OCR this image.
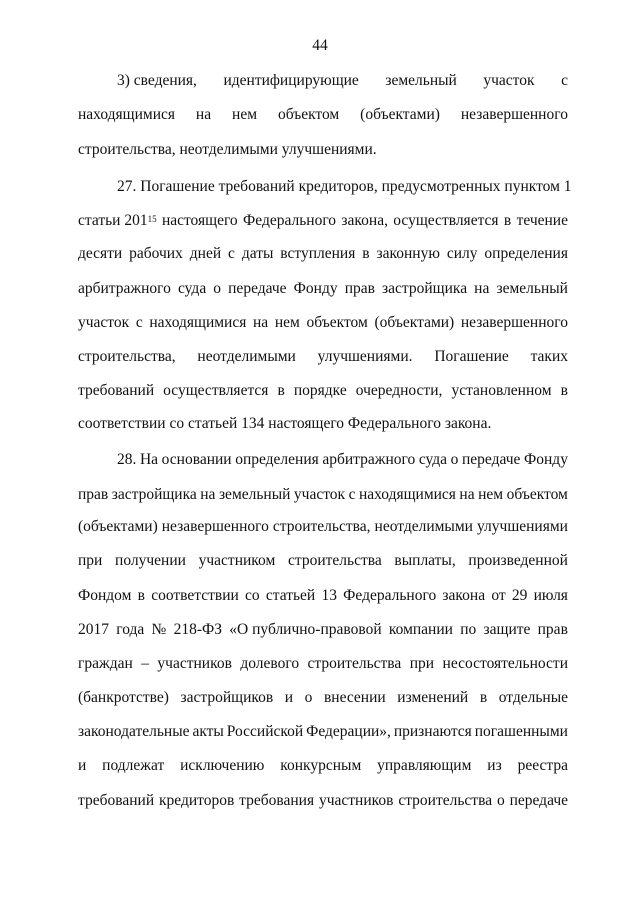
44
3) сведения, идентифицирующие земельный участок с
находящимися на нем объектом (объектами) незавершенного
строительства, неотделимыми улучшениями.
27. Погашение требований кредиторов, предусмотренных пунктом 1
статьи $201^{15}$ настоящего Федерального закона, осуществляется в течение
десяти рабочих дней с даты вступления в законную силу определения
арбитражного суда о передаче Фонду прав застройщика на земельный
участок с находящимися на нем объектом (объектами) незавершенного
строительства, неотделимыми улучшениями. Погашение таких
требований осуществляется в порядке очередности, установленном в
соответствии со статьей 134 настоящего Федерального закона.
28. На основании определения арбитражного суда о передаче Фонду
прав застройщика на земельный участок с находящимися на нем объектом
(объектами) незавершенного строительства, неотделимыми улучшениями
при получении участником строительства выплаты, произведенной
Фондом в соответствии со статьей 13 Федерального закона от 29 июля
2017 года № 218-ФЗ «О публично-правовой компании по защите прав
граждан – участников долевого строительства при несостоятельности
(банкротстве) застройщиков и о внесении изменений в отдельные
законодательные акты Российской Федерации», признаются погашенными
и подлежат исключению конкурсным управляющим из реестра
требований кредиторов требования участников строительства о передаче
